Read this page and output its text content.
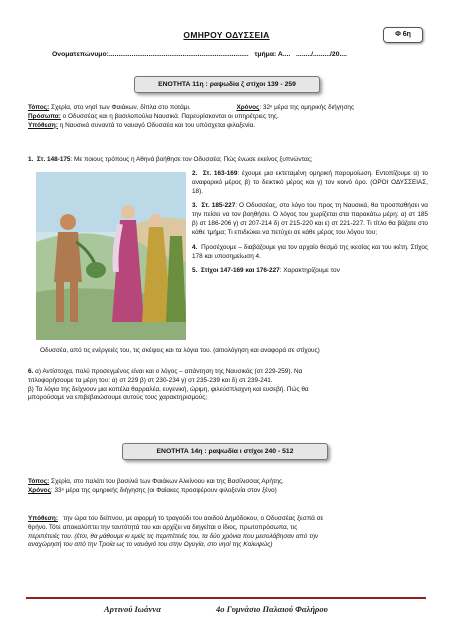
ΟΜΗΡΟΥ ΟΔΥΣΣΕΙΑ	Φ 6η
Ονοματεπώνυμο:.......................................................................... τμήμα: Α.... ......../........./20....
ΕΝΟΤΗΤΑ 11η : ραψωδία ζ στίχοι 139 - 259

Τόπος: Σχερία, στο νησί των Φαιάκων, δίπλα στο ποτάμι.	Χρόνος: 32ⁿ μέρα της ομηρικής διήγησης

Πρόσωπα: ο Οδυσσέας και η βασιλοπούλα Ναυσικά. Παρευρίσκονται οι υπηρέτριες της.

Υπόθεση: η Ναυσικά συναντά το ναυαγό Οδυσσέα και του υπόσχεται φιλοξενία.

1. Στ. 148-175: Με ποιους τρόπους η Αθηνά βοήθησε τον Οδυσσέα; Πώς ένωσε εκείνος ξυπνώντας;
2. Στ. 163-169: έχουμε μια εκτεταμένη ομηρική παρομοίωση. Εντοπίζουμε α) το αναφορικό μέρος β) το δεικτικό μέρος και γ) τον κοινό όρο. (ΟΡΟΙ ΟΔΥΣΣΕΙΑΣ, 18).
3. Στ. 185-227: Ο Οδυσσέας, στο λόγο του προς τη Ναυσικά, θα προσπαθήσει να την πείσει να τον βοηθήσει. Ο λόγος του χωρίζεται στα παρακάτω μέρη: α) στ 185 β) στ 186-206 γ) στ 207-214 δ) στ 215-220 και ε) στ 221-227. Τι τίτλο θα βάζατε στο κάθε τμήμα; Τι επιδιώκει να πετύχει σε κάθε μέρος του λόγου του;
4. Προσέχουμε – διαβάζουμε για τον αρχαίο θεσμό της ικεσίας και του ικέτη. Στίχος 178 και υποσημείωση 4.
5. Στίχοι 147-169 και 176-227: Χαρακτηρίζουμε τον
Οδυσσέα, από τις ενέργειές του, τις σκέψεις και τα λόγια του. (αιτιολόγηση και αναφορά σε στίχους)

6. α) Αντίστοιχα, πολύ προσεγμένος είναι και ο λόγος – απάντηση της Ναυσικάς (στ 229-259). Να

τιτλοφορήσουμε τα μέρη του: α) στ 229 β) στ 230-234 γ) στ 235-239 και δ) στ 239-241.

β) Τα λόγια της δείχνουν μια κοπέλα θαρραλέα, ευγενική, ώριμη, φιλεύσπλαχνη και ευσεβή. Πώς θα

μπορούσαμε να επιβεβαιώσουμε αυτούς τους χαρακτηρισμούς;

ΕΝΟΤΗΤΑ 14η : ραψωδία ι στίχοι 240 - 512

Τόπος: Σχερία, στο παλάτι του βασιλιά των Φαιάκων Αλκίνοου και της Βασίλισσας Αρήτης.

Χρόνος: 33ⁿ μέρα της ομηρικής διήγησης (οι Φαίακες προσφέρουν φιλοξενία στον ξένο)

Υπόθεση: την ώρα του δείπνου, με αφορμή το τραγούδι του αοιδού Δημόδοκου, ο Οδυσσέας ξεσπά σε

θρήνο. Τότε αποκαλύπτει την ταυτότητά του και αρχίζει να διηγείται ο ίδιος, πρωτοπρόσωπα, τις

περιπέτειές του. (έτσι, θα μάθουμε κι εμείς τις περιπέτειές του, τα δύο χρόνια που μεσολάβησαν από την

αναχώρησή του από την Τροία ως το ναυάγιό του στην Ωγυγία, στο νησί της Καλυψώς)

Αρτινού Ιωάννα	4ο Γυμνάσιο Παλαιού Φαλήρου
